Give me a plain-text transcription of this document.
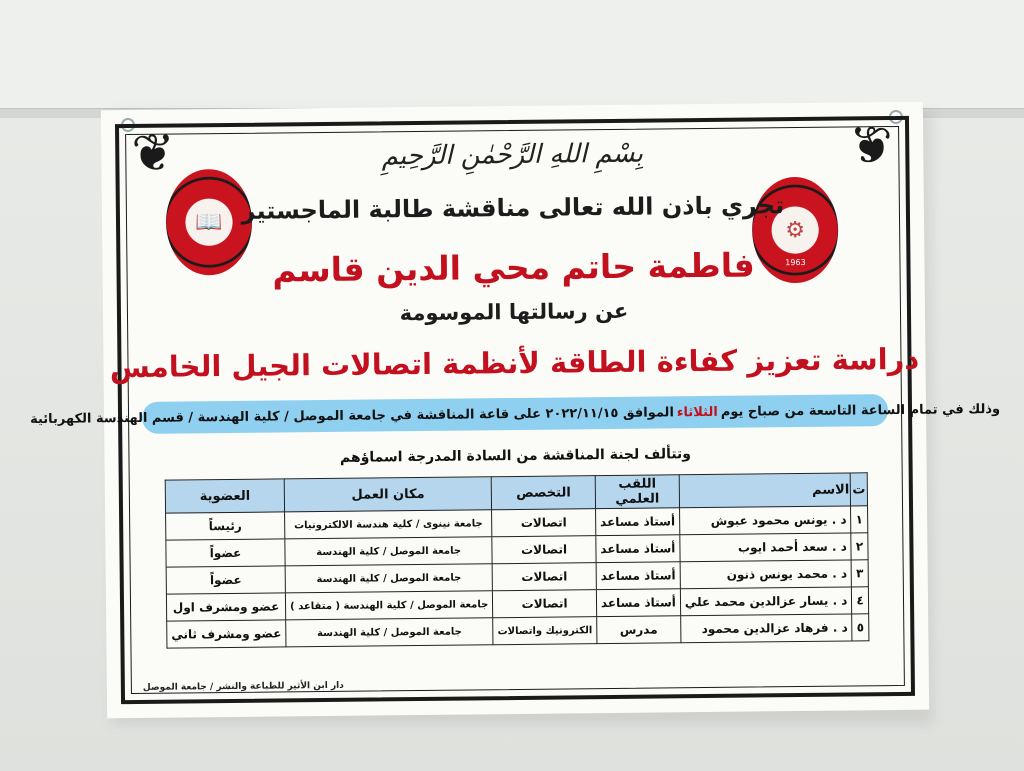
❦	❦
📖	⚙
1963
بِسْمِ اللهِ الرَّحْمٰنِ الرَّحِيمِ
تجري باذن الله تعالى مناقشة طالبة الماجستير
فاطمة حاتم محي الدين قاسم
عن رسالتها الموسومة
دراسة تعزيز كفاءة الطاقة لأنظمة اتصالات الجيل الخامس
وذلك في تمام الساعة التاسعة من صباح يوم
الثلاثاء
الموافق ٢٠٢٢/١١/١٥ على قاعة المناقشة في جامعة الموصل / كلية الهندسة / قسم الهندسة الكهربائية
وتتألف لجنة المناقشة من السادة المدرجة اسماؤهم
ت	الاسم	اللقب العلمي	التخصص	مكان العمل	العضوية
١	د . يونس محمود عبوش	أستاذ مساعد	اتصالات	جامعة نينوى / كلية هندسة الالكترونيات	رئيساً
٢	د . سعد أحمد ايوب	أستاذ مساعد	اتصالات	جامعة الموصل / كلية الهندسة	عضواً
٣	د . محمد يونس ذنون	أستاذ مساعد	اتصالات	جامعة الموصل / كلية الهندسة	عضواً
٤	د . يسار عزالدين محمد علي	أستاذ مساعد	اتصالات	جامعة الموصل / كلية الهندسة ( متقاعد )	عضو ومشرف اول
٥	د . فرهاد عزالدين محمود	مدرس	الكترونيك واتصالات	جامعة الموصل / كلية الهندسة	عضو ومشرف ثاني
دار ابن الأثير للطباعة والنشر / جامعة الموصل
